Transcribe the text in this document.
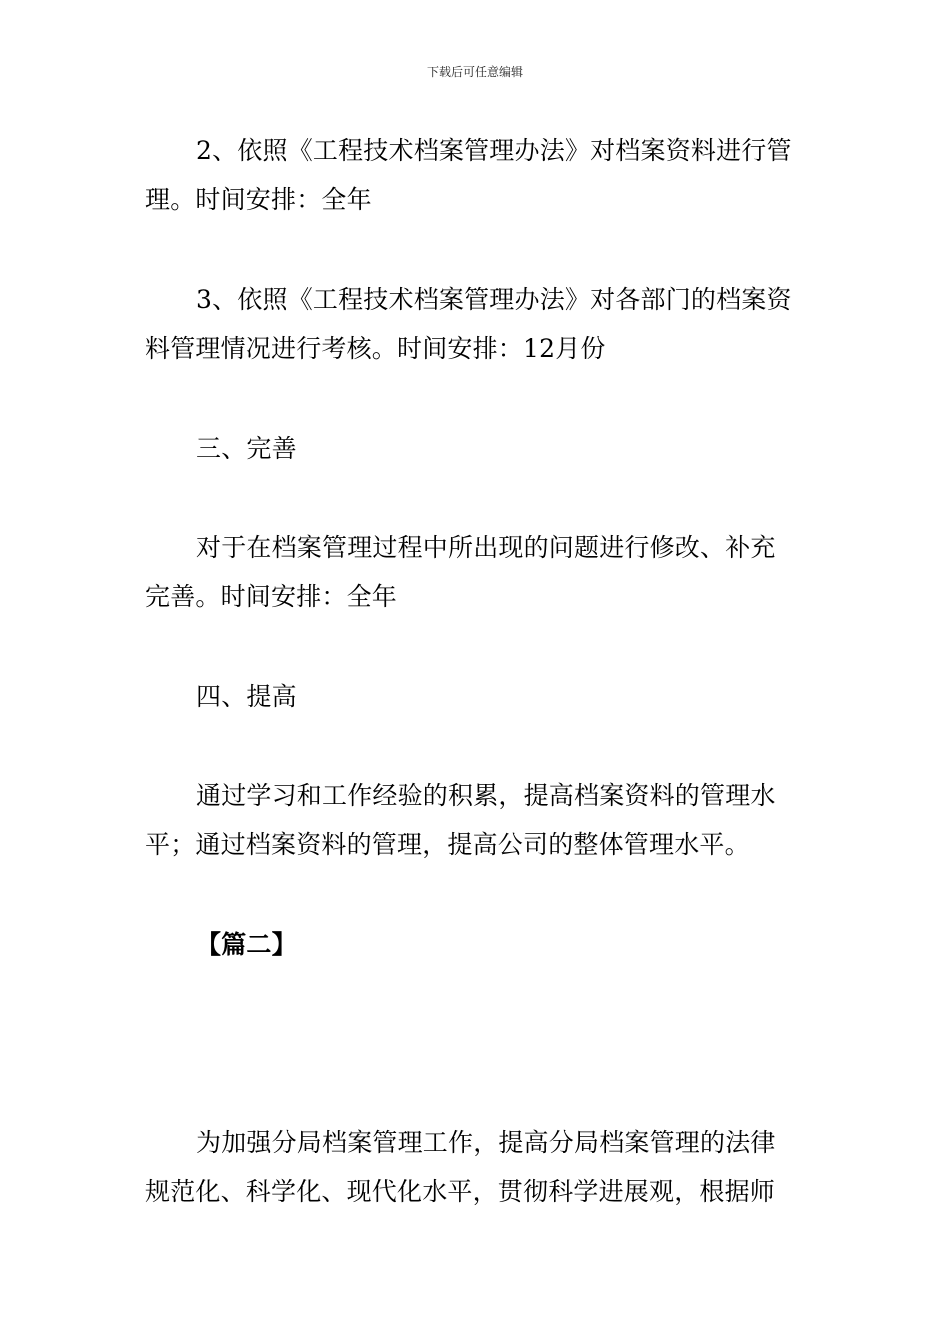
下载后可任意编辑
2、依照《工程技术档案管理办法》对档案资料进行管
理。时间安排：全年
3、依照《工程技术档案管理办法》对各部门的档案资
料管理情况进行考核。时间安排：12月份
三、完善
对于在档案管理过程中所出现的问题进行修改、补充
完善。时间安排：全年
四、提高
通过学习和工作经验的积累，提高档案资料的管理水
平；通过档案资料的管理，提高公司的整体管理水平。
【篇二】
为加强分局档案管理工作，提高分局档案管理的法律
规范化、科学化、现代化水平，贯彻科学进展观，根据师
